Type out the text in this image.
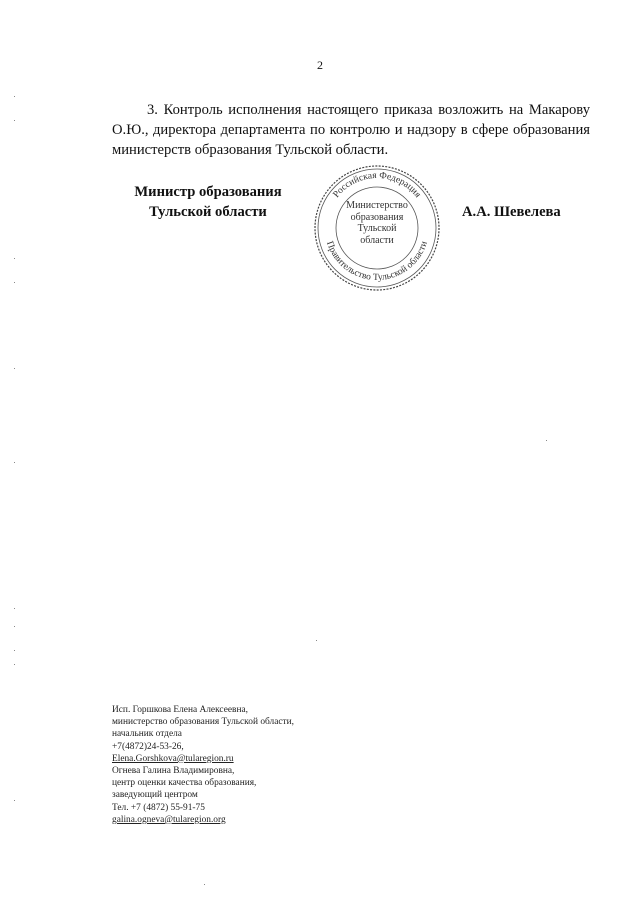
2
3. Контроль исполнения настоящего приказа возложить на Макарову О.Ю., директора департамента по контролю и надзору в сфере образования министерств образования Тульской области.
Министр образования
Тульской области
Российская Федерация
Правительство Тульской области
Министерство
образования
Тульской
области
А.А. Шевелева
Исп. Горшкова Елена Алексеевна,
министерство образования Тульской области,
начальник отдела
+7(4872)24-53-26,
Elena.Gorshkova@tularegion.ru
Огнева Галина Владимировна,
центр оценки качества образования,
заведующий центром
Тел. +7 (4872) 55-91-75
galina.ogneva@tularegion.org
